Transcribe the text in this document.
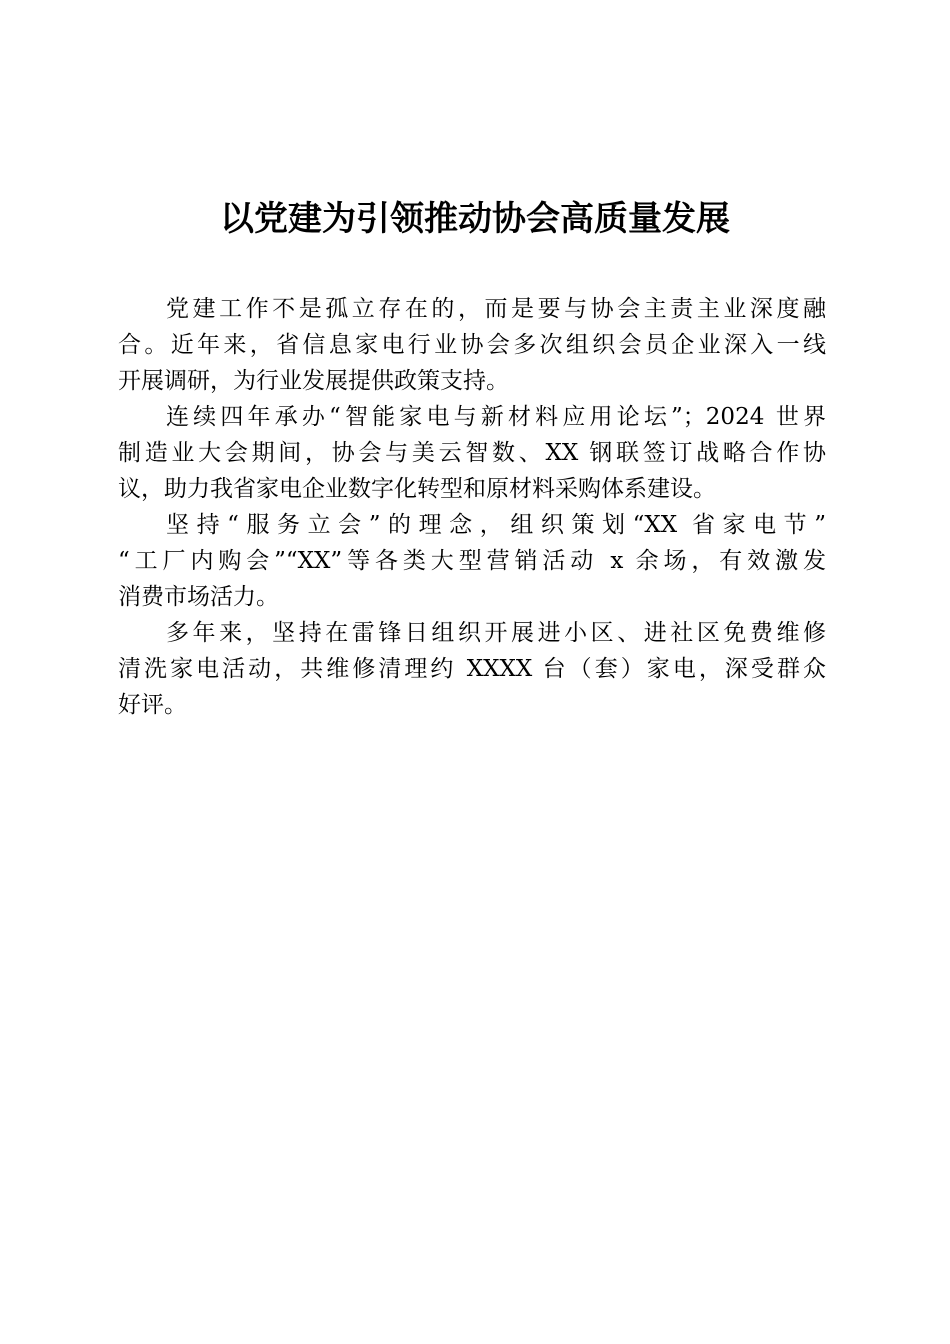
以党建为引领推动协会高质量发展

党建工作不是孤立存在的，而是要与协会主责主业深度融
合。近年来，省信息家电行业协会多次组织会员企业深入一线
开展调研，为行业发展提供政策支持。

连续四年承办“智能家电与新材料应用论坛”；2024 世界
制造业大会期间，协会与美云智数、XX 钢联签订战略合作协
议，助力我省家电企业数字化转型和原材料采购体系建设。

坚持“服务立会”的理念，组织策划“XX 省家电节”
“工厂内购会”“XX”等各类大型营销活动 x 余场，有效激发
消费市场活力。

多年来，坚持在雷锋日组织开展进小区、进社区免费维修
清洗家电活动，共维修清理约 XXXX 台（套）家电，深受群众
好评。
